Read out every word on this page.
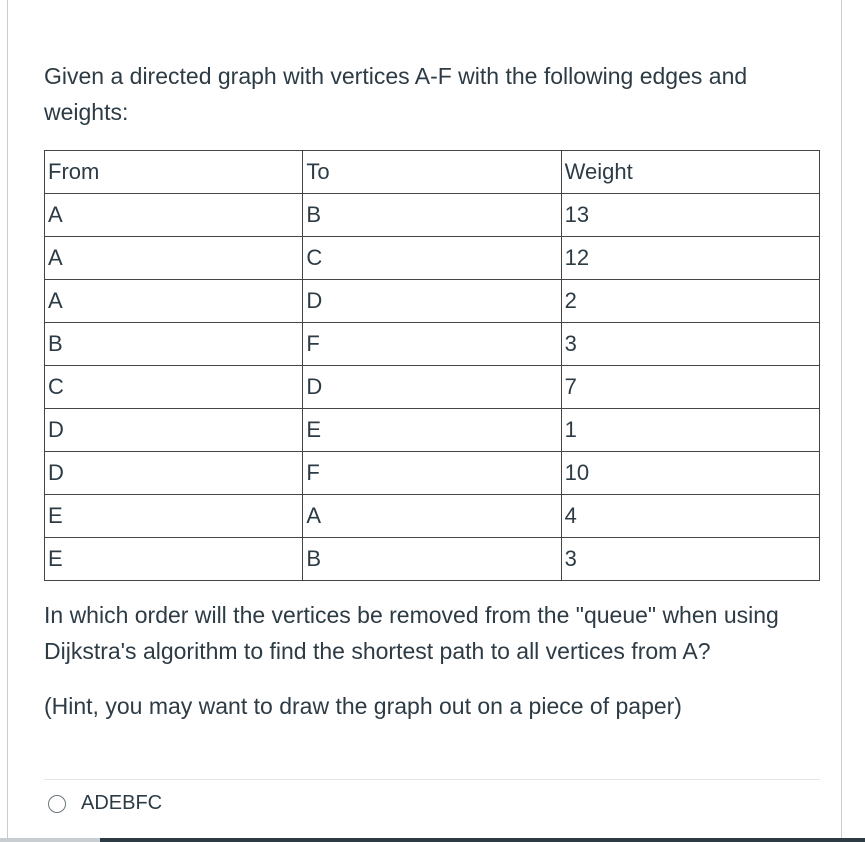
Given a directed graph with vertices A-F with the following edges and weights:
From	To	Weight
A	B	13
A	C	12
A	D	2
B	F	3
C	D	7
D	E	1
D	F	10
E	A	4
E	B	3
In which order will the vertices be removed from the "queue" when using Dijkstra's algorithm to find the shortest path to all vertices from A?
(Hint, you may want to draw the graph out on a piece of paper)
ADEBFC
